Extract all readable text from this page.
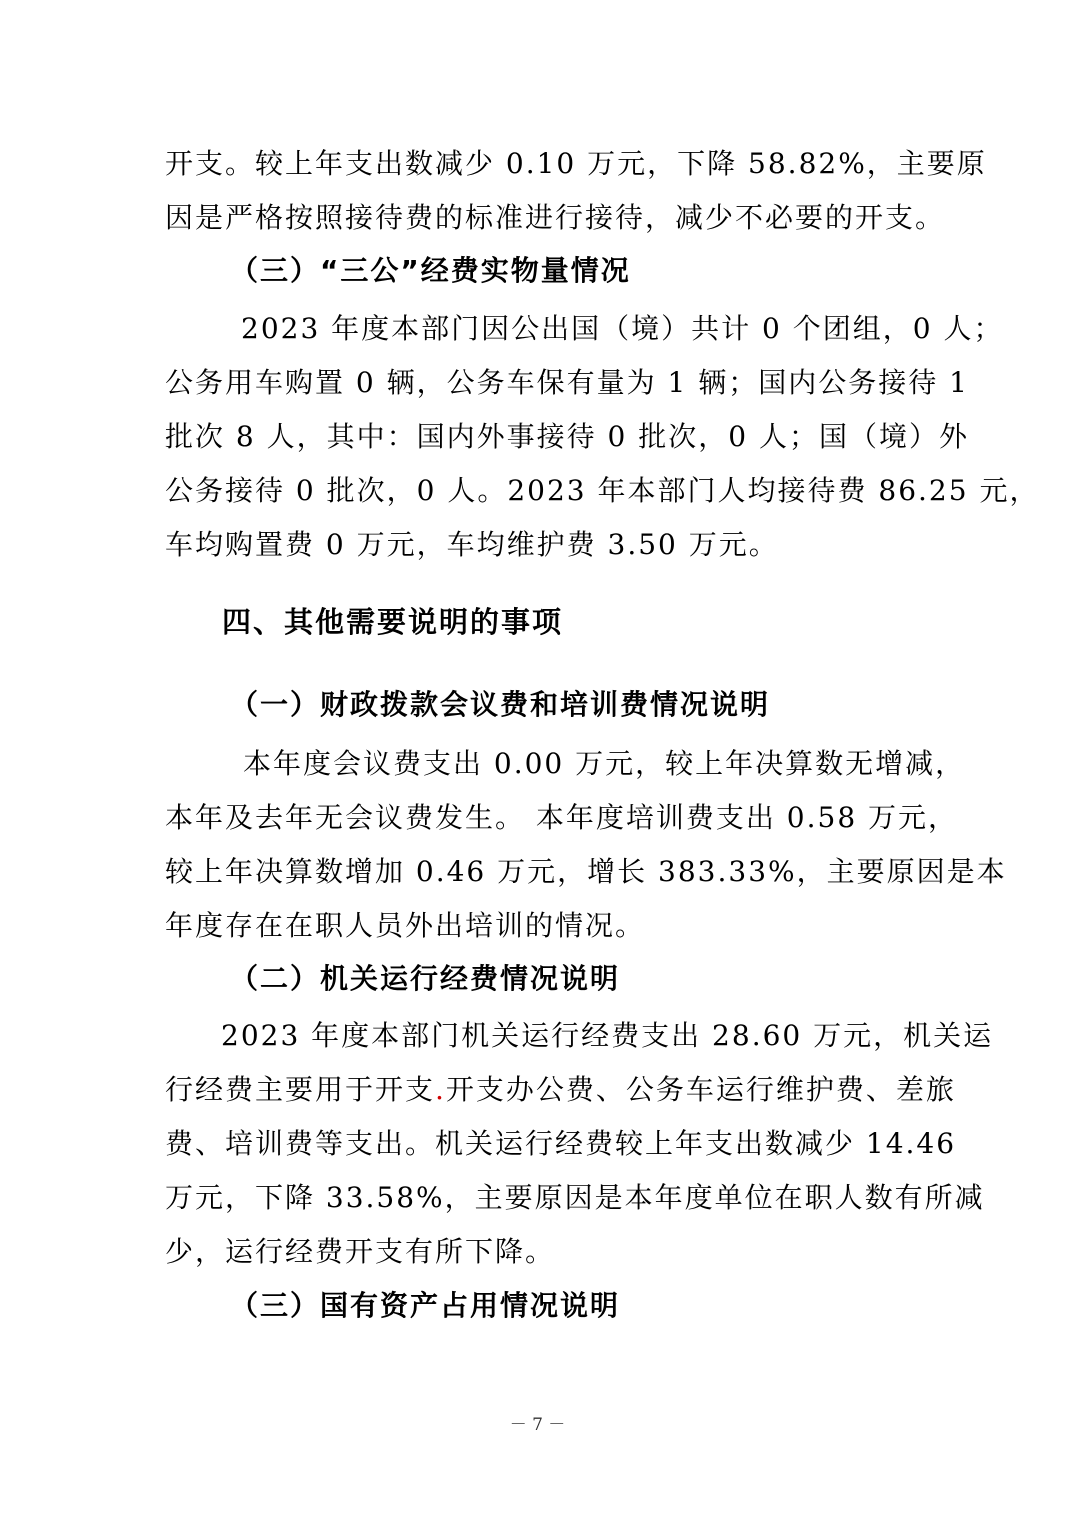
开支。较上年支出数减少 0.10 万元，下降 58.82%，主要原
因是严格按照接待费的标准进行接待，减少不必要的开支。
（三）“三公”经费实物量情况
2023 年度本部门因公出国（境）共计 0 个团组，0 人；
公务用车购置 0 辆，公务车保有量为 1 辆；国内公务接待 1
批次 8 人，其中：国内外事接待 0 批次，0 人；国（境）外
公务接待 0 批次，0 人。2023 年本部门人均接待费 86.25 元，
车均购置费 0 万元，车均维护费 3.50 万元。
四、其他需要说明的事项
（一）财政拨款会议费和培训费情况说明
本年度会议费支出 0.00 万元，较上年决算数无增减，
本年及去年无会议费发生。 本年度培训费支出 0.58 万元，
较上年决算数增加 0.46 万元，增长 383.33%，主要原因是本
年度存在在职人员外出培训的情况。
（二）机关运行经费情况说明
2023 年度本部门机关运行经费支出 28.60 万元，机关运
行经费主要用于开支.开支办公费、公务车运行维护费、差旅
费、培训费等支出。机关运行经费较上年支出数减少 14.46
万元，下降 33.58%，主要原因是本年度单位在职人数有所减
少，运行经费开支有所下降。
（三）国有资产占用情况说明
－ 7 －
